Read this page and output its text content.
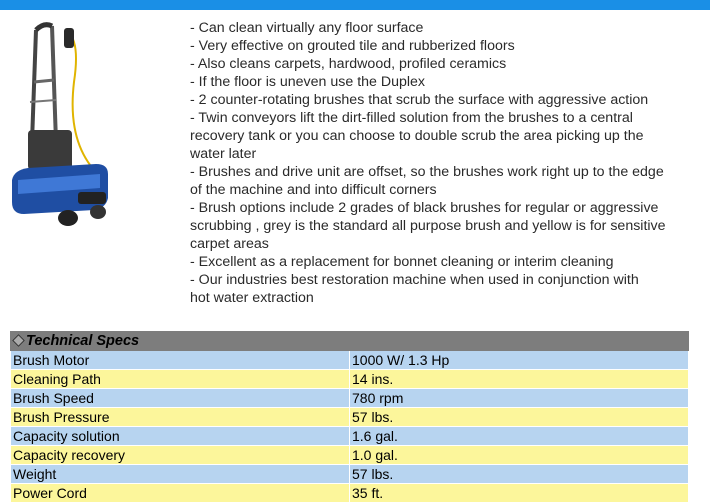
- Can clean virtually any floor surface
- Very effective on grouted tile and rubberized floors
- Also cleans carpets, hardwood, profiled ceramics
- If the floor is uneven use the Duplex
- 2 counter-rotating brushes that scrub the surface with aggressive action
- Twin conveyors lift the dirt-filled solution from the brushes to a central
recovery tank or you can choose to double scrub the area picking up the
water later
- Brushes and drive unit are offset, so the brushes work right up to the edge
of the machine and into difficult corners
- Brush options include 2 grades of black brushes for regular or aggressive
scrubbing , grey is the standard all purpose brush and yellow is for sensitive
carpet areas
- Excellent as a replacement for bonnet cleaning or interim cleaning
- Our industries best restoration machine when used in conjunction with
hot water extraction
Technical Specs	
Brush Motor	1000 W/ 1.3 Hp
Cleaning Path	14 ins.
Brush Speed	780 rpm
Brush Pressure	57 lbs.
Capacity solution	1.6 gal.
Capacity recovery	1.0 gal.
Weight	57 lbs.
Power Cord	35 ft.
